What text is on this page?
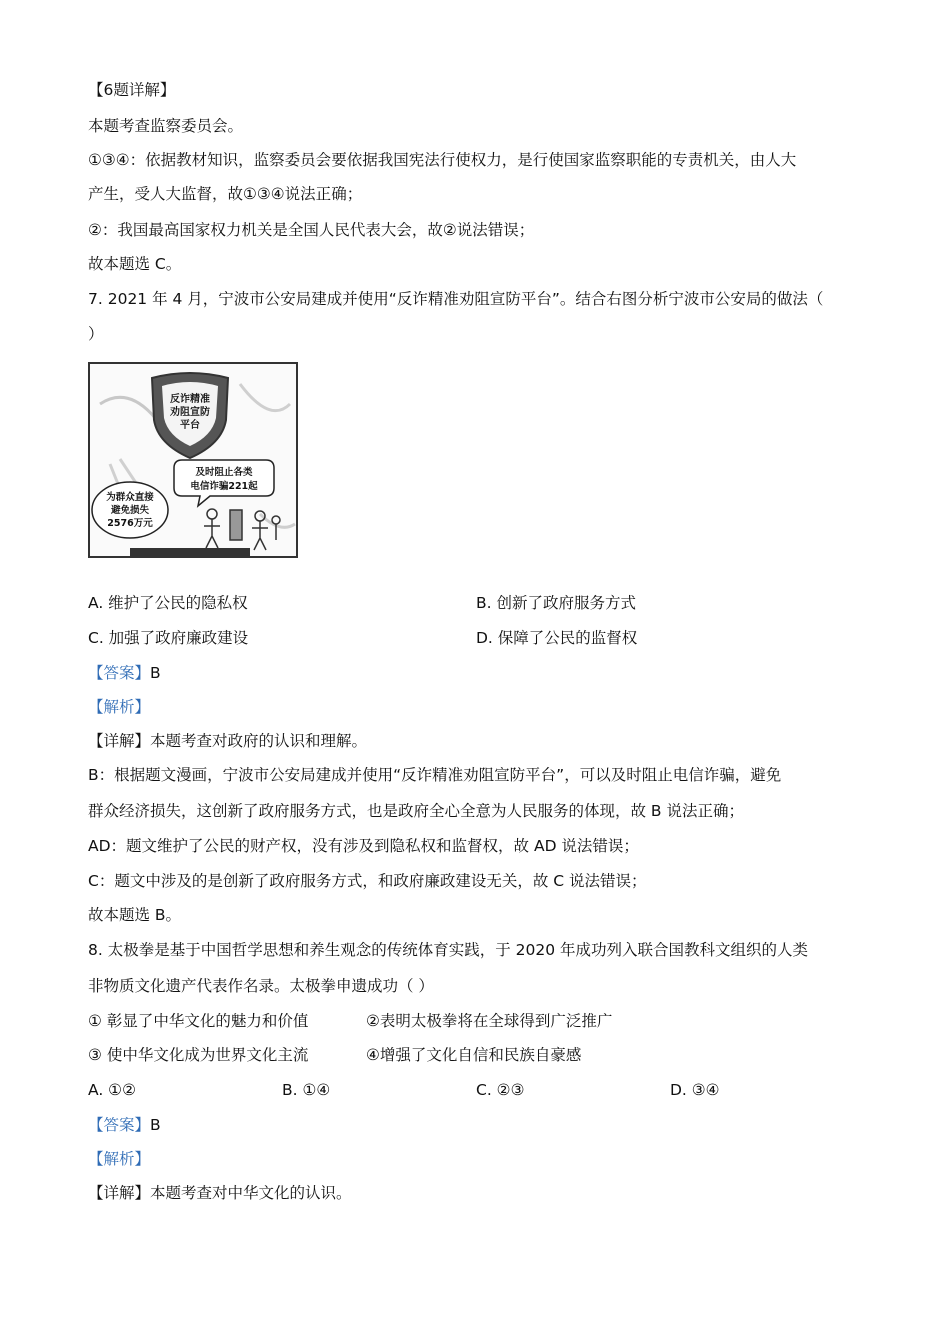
【6题详解】
本题考查监察委员会。
①③④：依据教材知识，监察委员会要依据我国宪法行使权力，是行使国家监察职能的专责机关，由人大
产生，受人大监督，故①③④说法正确；
②：我国最高国家权力机关是全国人民代表大会，故②说法错误；
故本题选 C。
7. 2021 年 4 月，宁波市公安局建成并使用“反诈精准劝阻宣防平台”。结合右图分析宁波市公安局的做法（
）
反诈精准
劝阻宣防
平台
及时阻止各类
电信诈骗221起
为群众直接
避免损失
2576万元
A. 维护了公民的隐私权	B. 创新了政府服务方式
C. 加强了政府廉政建设	D. 保障了公民的监督权
【答案】B
【解析】
【详解】本题考查对政府的认识和理解。
B：根据题文漫画，宁波市公安局建成并使用“反诈精准劝阻宣防平台”，可以及时阻止电信诈骗，避免
群众经济损失，这创新了政府服务方式，也是政府全心全意为人民服务的体现，故 B 说法正确；
AD：题文维护了公民的财产权，没有涉及到隐私权和监督权，故 AD 说法错误；
C：题文中涉及的是创新了政府服务方式，和政府廉政建设无关，故 C 说法错误；
故本题选 B。
8. 太极拳是基于中国哲学思想和养生观念的传统体育实践，于 2020 年成功列入联合国教科文组织的人类
非物质文化遗产代表作名录。太极拳申遗成功（ ）
① 彰显了中华文化的魅力和价值	②表明太极拳将在全球得到广泛推广
③ 使中华文化成为世界文化主流	④增强了文化自信和民族自豪感
A. ①②	B. ①④	C. ②③	D. ③④
【答案】B
【解析】
【详解】本题考查对中华文化的认识。
